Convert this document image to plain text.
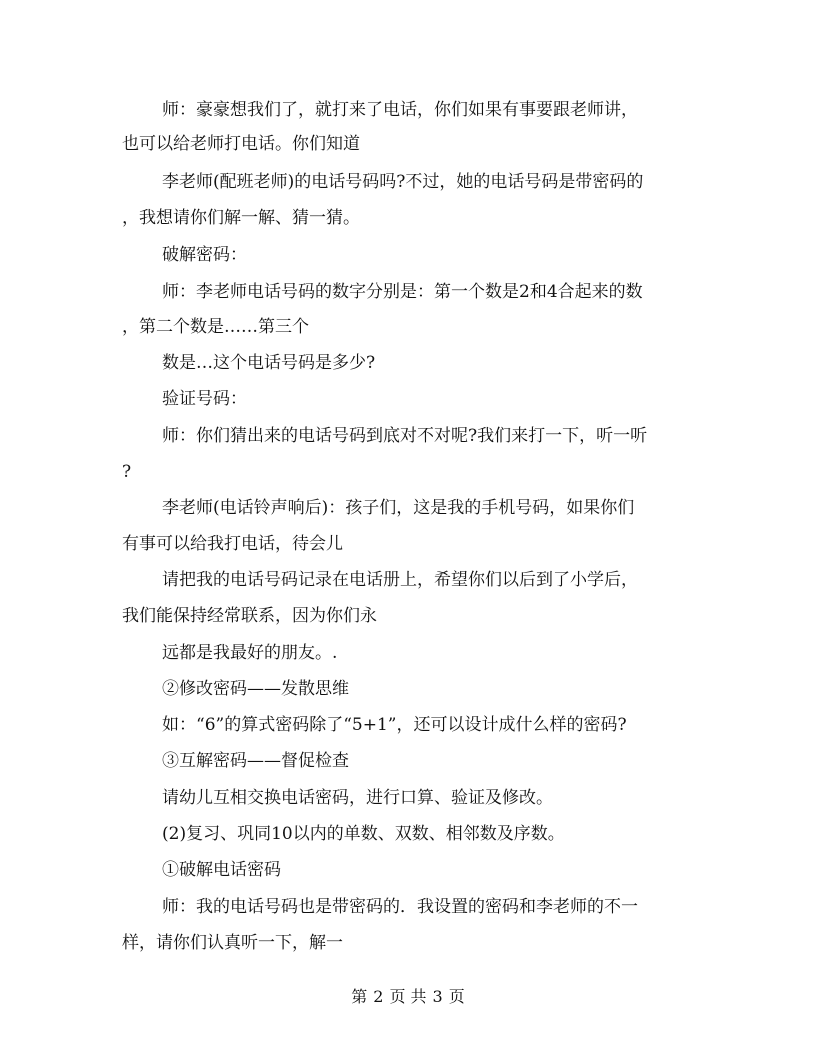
师：豪豪想我们了，就打来了电话，你们如果有事要跟老师讲，
也可以给老师打电话。你们知道
李老师(配班老师)的电话号码吗?不过，她的电话号码是带密码的
，我想请你们解一解、猜一猜。
破解密码：
师：李老师电话号码的数字分别是：第一个数是2和4合起来的数
，第二个数是……第三个
数是…这个电话号码是多少?
验证号码：
师：你们猜出来的电话号码到底对不对呢?我们来打一下，听一听
?
李老师(电话铃声响后)：孩子们，这是我的手机号码，如果你们
有事可以给我打电话，待会儿
请把我的电话号码记录在电话册上，希望你们以后到了小学后，
我们能保持经常联系，因为你们永
远都是我最好的朋友。.
②修改密码——发散思维
如：“6”的算式密码除了“5+1”，还可以设计成什么样的密码?
③互解密码——督促检查
请幼儿互相交换电话密码，进行口算、验证及修改。
(2)复习、巩同10以内的单数、双数、相邻数及序数。
①破解电话密码
师：我的电话号码也是带密码的．我设置的密码和李老师的不一
样，请你们认真听一下，解一
第 2 页 共 3 页
